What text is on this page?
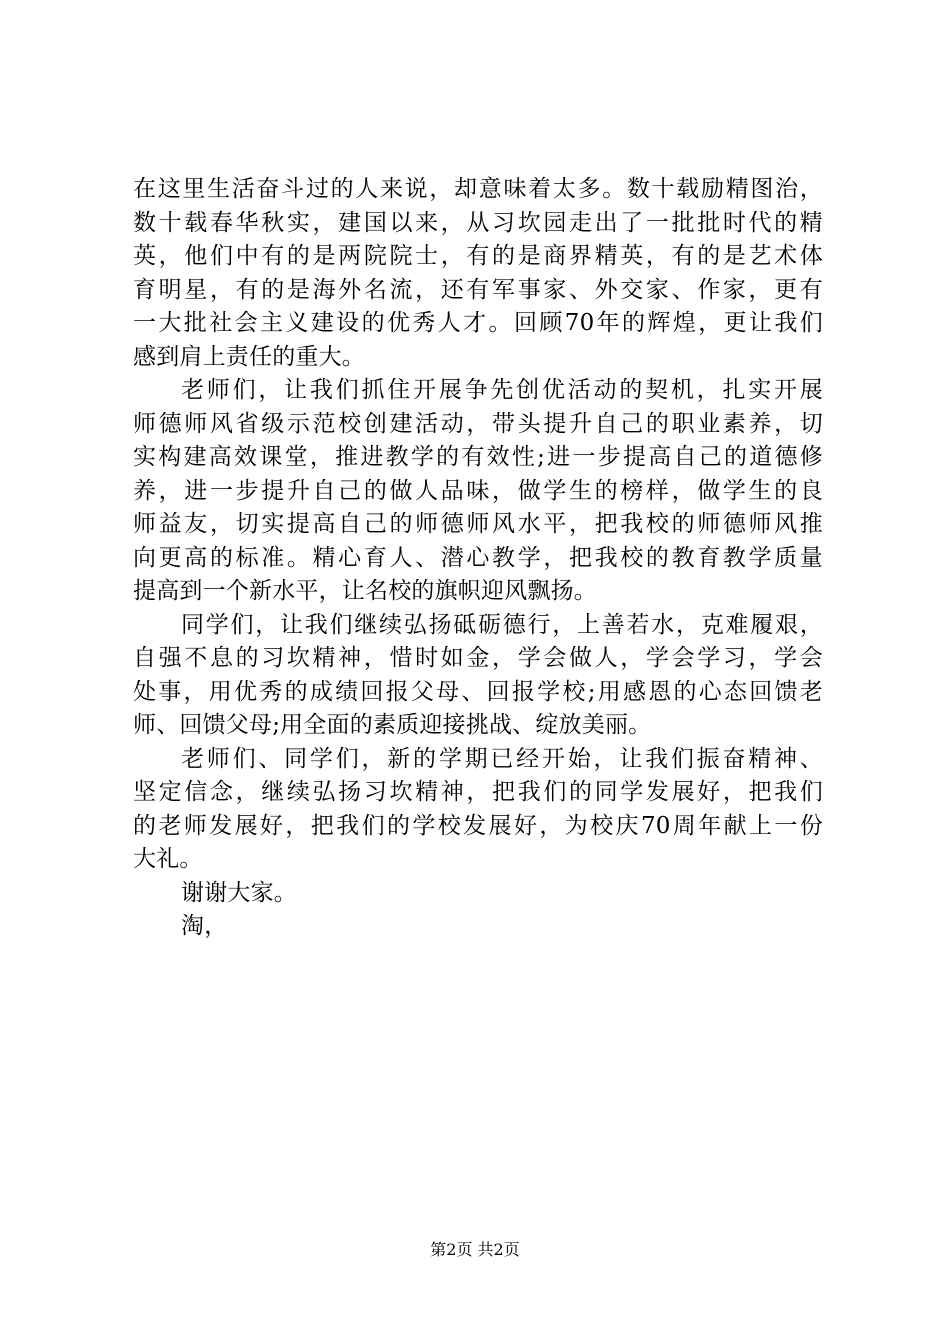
在这里生活奋斗过的人来说，却意味着太多。数十载励精图治，
数十载春华秋实，建国以来，从习坎园走出了一批批时代的精
英，他们中有的是两院院士，有的是商界精英，有的是艺术体
育明星，有的是海外名流，还有军事家、外交家、作家，更有
一大批社会主义建设的优秀人才。回顾70年的辉煌，更让我们
感到肩上责任的重大。
老师们，让我们抓住开展争先创优活动的契机，扎实开展
师德师风省级示范校创建活动，带头提升自己的职业素养，切
实构建高效课堂，推进教学的有效性;进一步提高自己的道德修
养，进一步提升自己的做人品味，做学生的榜样，做学生的良
师益友，切实提高自己的师德师风水平，把我校的师德师风推
向更高的标准。精心育人、潜心教学，把我校的教育教学质量
提高到一个新水平，让名校的旗帜迎风飘扬。
同学们，让我们继续弘扬砥砺德行，上善若水，克难履艰，
自强不息的习坎精神，惜时如金，学会做人，学会学习，学会
处事，用优秀的成绩回报父母、回报学校;用感恩的心态回馈老
师、回馈父母;用全面的素质迎接挑战、绽放美丽。
老师们、同学们，新的学期已经开始，让我们振奋精神、
坚定信念，继续弘扬习坎精神，把我们的同学发展好，把我们
的老师发展好，把我们的学校发展好，为校庆70周年献上一份
大礼。
谢谢大家。
淘，
第2页 共2页
